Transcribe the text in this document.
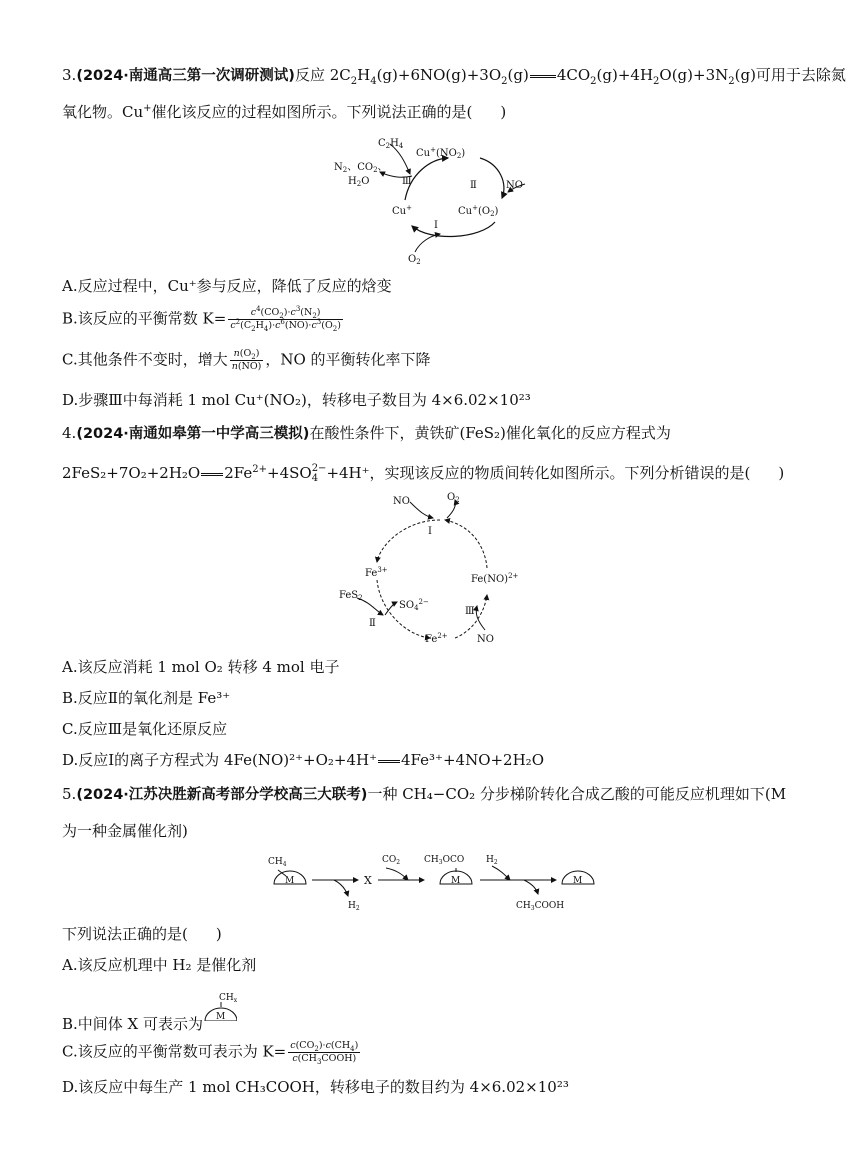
3.(2024·南通高三第一次调研测试)反应 $2C_2H_4(g)+6NO(g)+3O_2(g)$ $4CO_2(g)+4H_2O(g)+3N_2(g)$可用于去除氮
氧化物。Cu+催化该反应的过程如图所示。下列说法正确的是( )
$C_2H_4$
$Cu^+(NO_2)$
$N_2$、$CO_2$、
$H_2O$	Ⅲ	Ⅱ	NO
Cu+	$Cu^+(O_2)$
Ⅰ
$O_2$
A.反应过程中，Cu⁺参与反应，降低了反应的焓变
B.该反应的平衡常数 $K= \frac{c^4(CO_2)\cdot c^3(N_2)}{c^2(C_2H_4)\cdot c^6(NO)\cdot c^3(O_2)}$
C.其他条件不变时，增大 $\frac{n(O_2)}{n(NO)}$ ，NO 的平衡转化率下降
D.步骤Ⅲ中每消耗 1 mol Cu⁺(NO₂)，转移电子数目为 4×6.02×10²³
4.(2024·南通如皋第一中学高三模拟)在酸性条件下，黄铁矿(FeS₂)催化氧化的反应方程式为
2FeS₂+7O₂+2H₂O $2Fe^{2+}+4SO$ 2−
4 +4H⁺，实现该反应的物质间转化如图所示。下列分析错误的是( )
NO	$O_2$
Ⅰ
$Fe^{3+}$
Fe(NO)$^{2+}$
FeS$_2$
$SO_4^{2-}$
Ⅱ
Ⅲ
$Fe^{2+}$	NO
A.该反应消耗 1 mol O₂ 转移 4 mol 电子
B.反应Ⅱ的氧化剂是 Fe³⁺
C.反应Ⅲ是氧化还原反应
D.反应Ⅰ的离子方程式为 4Fe(NO)²⁺+O₂+4H⁺ 4Fe³⁺+4NO+2H₂O
5.(2024·江苏决胜新高考部分学校高三大联考)一种 CH₄−CO₂ 分步梯阶转化合成乙酸的可能反应机理如下(M
为一种金属催化剂)
$CH_4$
M
$H_2$
X
$CO_2$	$CH_3OCO$
M
$H_2$
$CH_3COOH$
M
下列说法正确的是( )
A.该反应机理中 H₂ 是催化剂
B.中间体 X 可表示为
$CH_x$
M
C.该反应的平衡常数可表示为 $K= \frac{c(CO_2)\cdot c(CH_4)}{c(CH_3COOH)}$
D.该反应中每生产 1 mol CH₃COOH，转移电子的数目约为 4×6.02×10²³
